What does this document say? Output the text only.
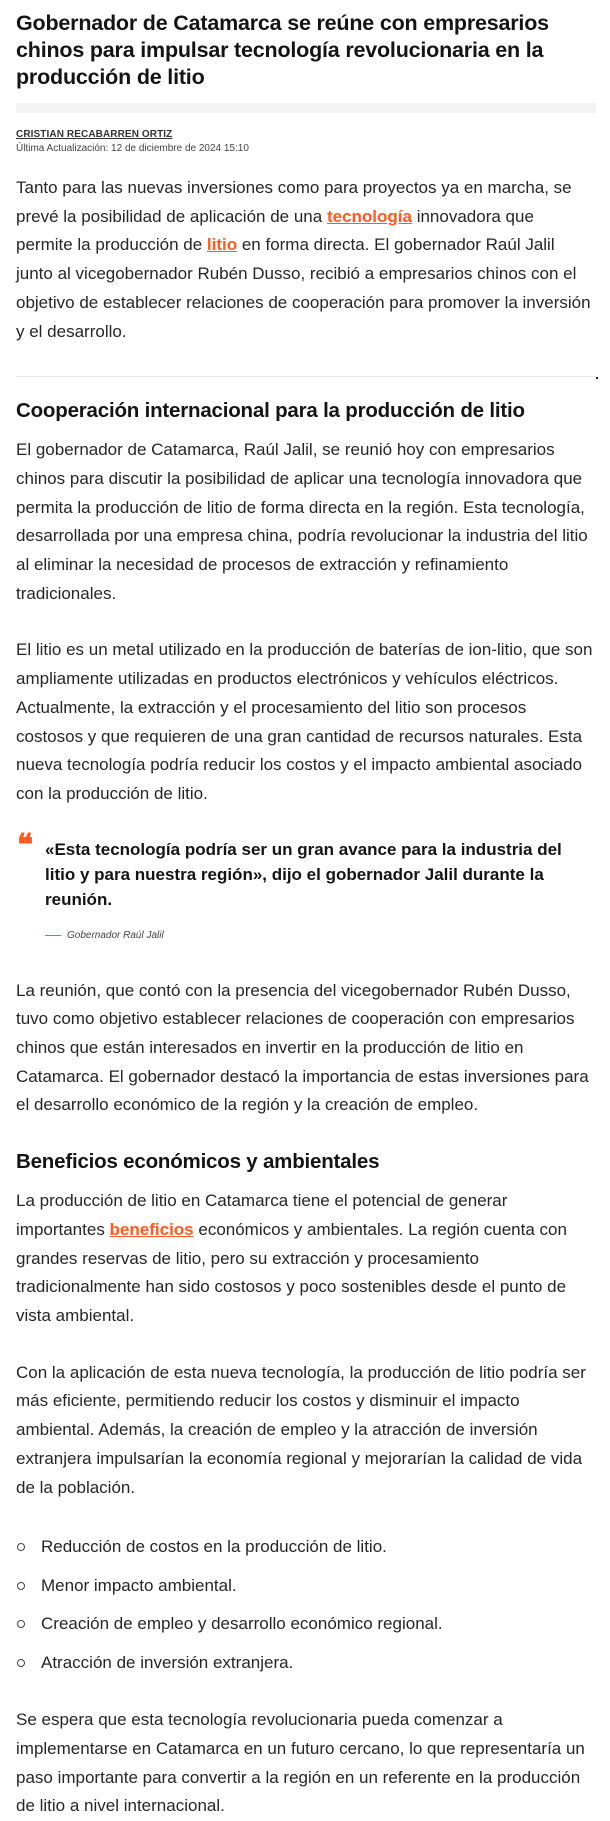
Gobernador de Catamarca se reúne con empresarios chinos para impulsar tecnología revolucionaria en la producción de litio
CRISTIAN RECABARREN ORTIZ
Última Actualización: 12 de diciembre de 2024 15:10

Tanto para las nuevas inversiones como para proyectos ya en marcha, se prevé la posibilidad de aplicación de una tecnología innovadora que permite la producción de litio en forma directa. El gobernador Raúl Jalil junto al vicegobernador Rubén Dusso, recibió a empresarios chinos con el objetivo de establecer relaciones de cooperación para promover la inversión y el desarrollo.

Cooperación internacional para la producción de litio

El gobernador de Catamarca, Raúl Jalil, se reunió hoy con empresarios chinos para discutir la posibilidad de aplicar una tecnología innovadora que permita la producción de litio de forma directa en la región. Esta tecnología, desarrollada por una empresa china, podría revolucionar la industria del litio al eliminar la necesidad de procesos de extracción y refinamiento tradicionales.

El litio es un metal utilizado en la producción de baterías de ion-litio, que son ampliamente utilizadas en productos electrónicos y vehículos eléctricos. Actualmente, la extracción y el procesamiento del litio son procesos costosos y que requieren de una gran cantidad de recursos naturales. Esta nueva tecnología podría reducir los costos y el impacto ambiental asociado con la producción de litio.

❝ «Esta tecnología podría ser un gran avance para la industria del litio y para nuestra región», dijo el gobernador Jalil durante la reunión.
Gobernador Raúl Jalil

La reunión, que contó con la presencia del vicegobernador Rubén Dusso, tuvo como objetivo establecer relaciones de cooperación con empresarios chinos que están interesados en invertir en la producción de litio en Catamarca. El gobernador destacó la importancia de estas inversiones para el desarrollo económico de la región y la creación de empleo.

Beneficios económicos y ambientales

La producción de litio en Catamarca tiene el potencial de generar importantes beneficios económicos y ambientales. La región cuenta con grandes reservas de litio, pero su extracción y procesamiento tradicionalmente han sido costosos y poco sostenibles desde el punto de vista ambiental.

Con la aplicación de esta nueva tecnología, la producción de litio podría ser más eficiente, permitiendo reducir los costos y disminuir el impacto ambiental. Además, la creación de empleo y la atracción de inversión extranjera impulsarían la economía regional y mejorarían la calidad de vida de la población.

Reducción de costos en la producción de litio.
Menor impacto ambiental.
Creación de empleo y desarrollo económico regional.
Atracción de inversión extranjera.

Se espera que esta tecnología revolucionaria pueda comenzar a implementarse en Catamarca en un futuro cercano, lo que representaría un paso importante para convertir a la región en un referente en la producción de litio a nivel internacional.
